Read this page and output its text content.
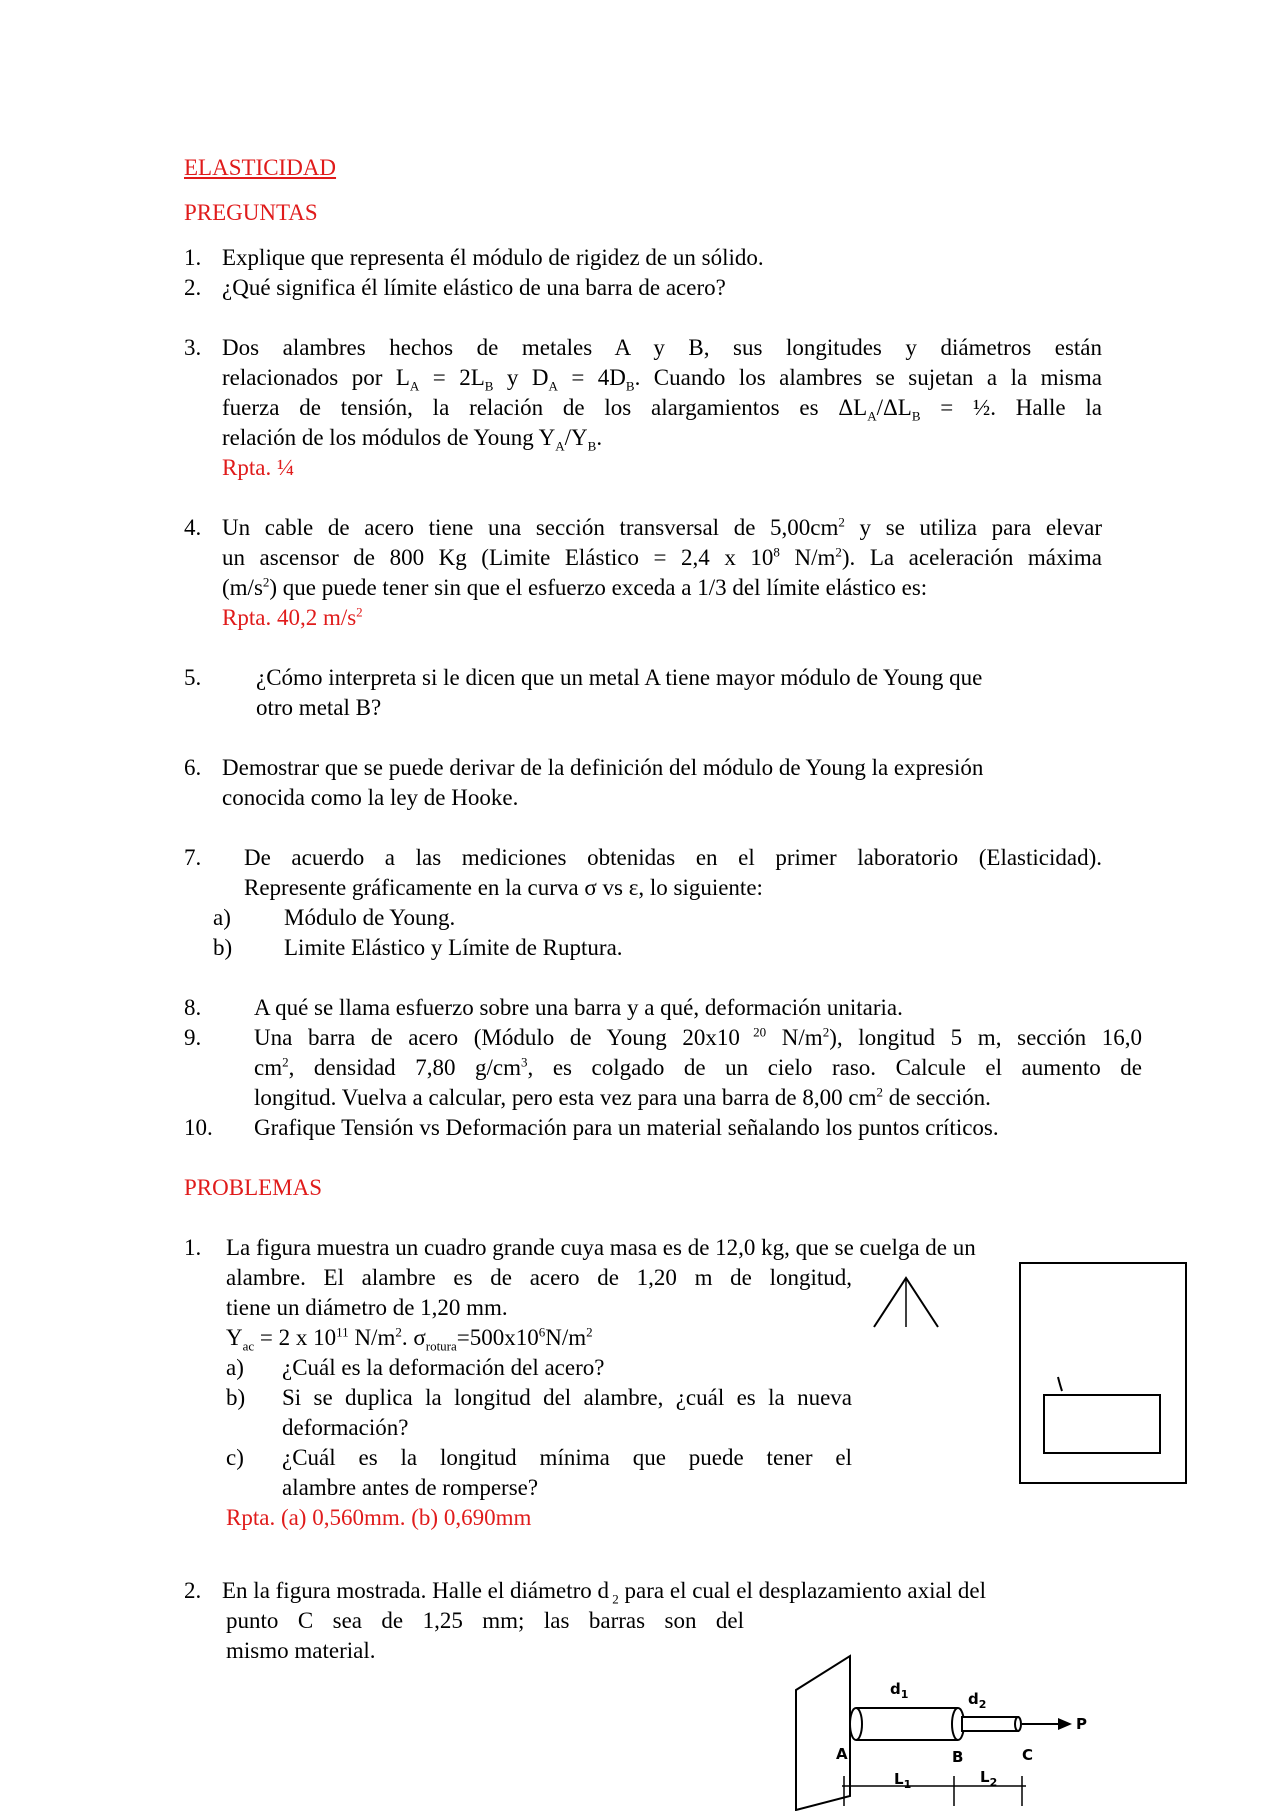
ELASTICIDAD
PREGUNTAS
1. Explique que representa él módulo de rigidez de un sólido.
2. ¿Qué significa él límite elástico de una barra de acero?
3. Dos alambres hechos de metales A y B, sus longitudes y diámetros están
relacionados por $L_A = 2L_B$ y $D_A = 4D_B$. Cuando los alambres se sujetan a la misma
fuerza de tensión, la relación de los alargamientos es $\Delta L_A/\Delta L_B$ = ½. Halle la
relación de los módulos de Young $Y_A/Y_B$.
Rpta. ¼
4. Un cable de acero tiene una sección transversal de $5,00cm^2$ y se utiliza para elevar
un ascensor de 800 Kg (Limite Elástico = 2,4 x $10^8$ $N/m^2$). La aceleración máxima
$(m/s^2)$ que puede tener sin que el esfuerzo exceda a 1/3 del límite elástico es:
Rpta. 40,2 $m/s^2$
5. ¿Cómo interpreta si le dicen que un metal A tiene mayor módulo de Young que
otro metal B?
6. Demostrar que se puede derivar de la definición del módulo de Young la expresión
conocida como la ley de Hooke.
7. De acuerdo a las mediciones obtenidas en el primer laboratorio (Elasticidad).
Represente gráficamente en la curva σ vs ε, lo siguiente:
a) Módulo de Young.
b) Limite Elástico y Límite de Ruptura.
8. A qué se llama esfuerzo sobre una barra y a qué, deformación unitaria.
9. Una barra de acero (Módulo de Young 20x10 $^{20}$ $N/m^2$), longitud 5 m, sección 16,0
$cm^2$, densidad 7,80 $g/cm^3$, es colgado de un cielo raso. Calcule el aumento de
longitud. Vuelva a calcular, pero esta vez para una barra de 8,00 $cm^2$ de sección.
10. Grafique Tensión vs Deformación para un material señalando los puntos críticos.
PROBLEMAS
1. La figura muestra un cuadro grande cuya masa es de 12,0 kg, que se cuelga de un
alambre. El alambre es de acero de 1,20 m de longitud,
tiene un diámetro de 1,20 mm.
$Y_{ac} = 2$ x $10^{11}$ $N/m^2$. $\sigma_{rotura}=500x10^6N/m^2$
a) ¿Cuál es la deformación del acero?
b) Si se duplica la longitud del alambre, ¿cuál es la nueva
deformación?
c) ¿Cuál es la longitud mínima que puede tener el
alambre antes de romperse?
Rpta. (a) 0,560mm. (b) 0,690mm
2. En la figura mostrada. Halle el diámetro d $_2$ para el cual el desplazamiento axial del
punto C sea de 1,25 mm; las barras son del
mismo material.
$d_1$	$d_2$
P
A	B	C
$L_1$	$L_2$
